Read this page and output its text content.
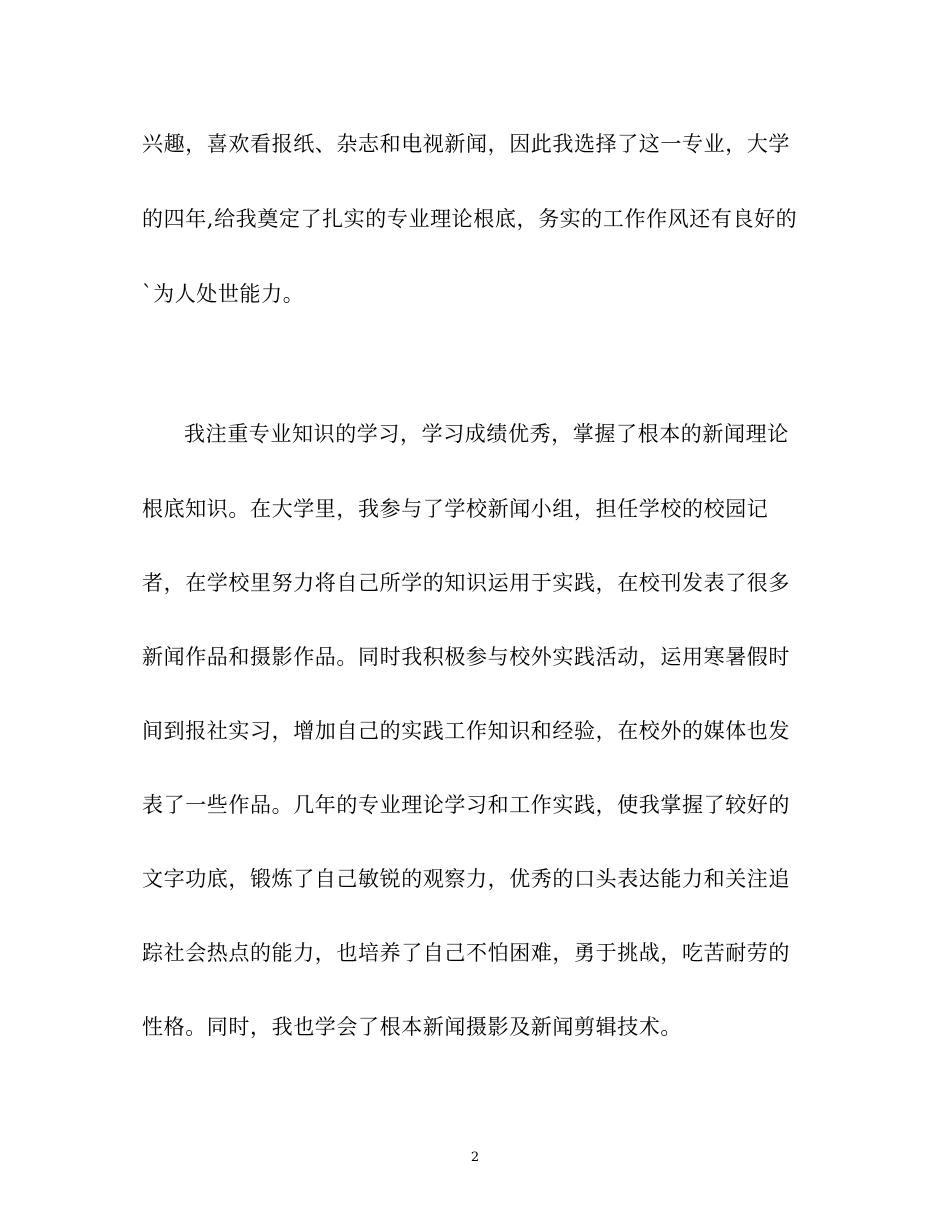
兴趣，喜欢看报纸、杂志和电视新闻，因此我选择了这一专业，大学
的四年,给我奠定了扎实的专业理论根底，务实的工作作风还有良好的
`为人处世能力。
我注重专业知识的学习，学习成绩优秀，掌握了根本的新闻理论
根底知识。在大学里，我参与了学校新闻小组，担任学校的校园记
者，在学校里努力将自己所学的知识运用于实践，在校刊发表了很多
新闻作品和摄影作品。同时我积极参与校外实践活动，运用寒暑假时
间到报社实习，增加自己的实践工作知识和经验，在校外的媒体也发
表了一些作品。几年的专业理论学习和工作实践，使我掌握了较好的
文字功底，锻炼了自己敏锐的观察力，优秀的口头表达能力和关注追
踪社会热点的能力，也培养了自己不怕困难，勇于挑战，吃苦耐劳的
性格。同时，我也学会了根本新闻摄影及新闻剪辑技术。
2
